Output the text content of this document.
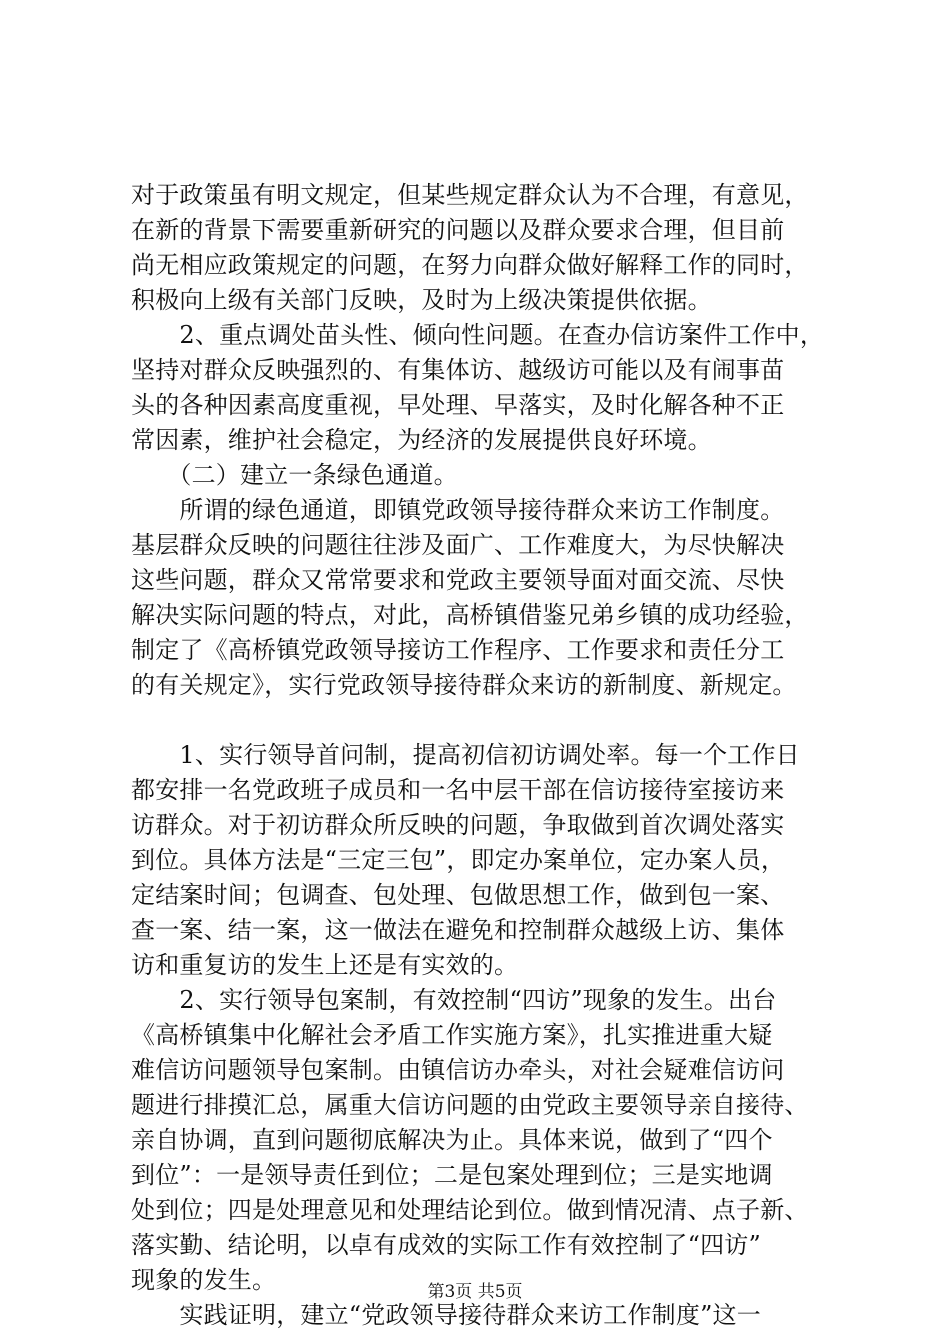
对于政策虽有明文规定，但某些规定群众认为不合理，有意见，
在新的背景下需要重新研究的问题以及群众要求合理，但目前
尚无相应政策规定的问题，在努力向群众做好解释工作的同时，
积极向上级有关部门反映，及时为上级决策提供依据。
　　2、重点调处苗头性、倾向性问题。在查办信访案件工作中，
坚持对群众反映强烈的、有集体访、越级访可能以及有闹事苗
头的各种因素高度重视，早处理、早落实，及时化解各种不正
常因素，维护社会稳定，为经济的发展提供良好环境。
　　（二）建立一条绿色通道。
　　所谓的绿色通道，即镇党政领导接待群众来访工作制度。
基层群众反映的问题往往涉及面广、工作难度大，为尽快解决
这些问题，群众又常常要求和党政主要领导面对面交流、尽快
解决实际问题的特点，对此，高桥镇借鉴兄弟乡镇的成功经验，
制定了《高桥镇党政领导接访工作程序、工作要求和责任分工
的有关规定》，实行党政领导接待群众来访的新制度、新规定。
　　1、实行领导首问制，提高初信初访调处率。每一个工作日
都安排一名党政班子成员和一名中层干部在信访接待室接访来
访群众。对于初访群众所反映的问题，争取做到首次调处落实
到位。具体方法是“三定三包”，即定办案单位，定办案人员，
定结案时间；包调查、包处理、包做思想工作，做到包一案、
查一案、结一案，这一做法在避免和控制群众越级上访、集体
访和重复访的发生上还是有实效的。
　　2、实行领导包案制，有效控制“四访”现象的发生。出台
《高桥镇集中化解社会矛盾工作实施方案》，扎实推进重大疑
难信访问题领导包案制。由镇信访办牵头，对社会疑难信访问
题进行排摸汇总，属重大信访问题的由党政主要领导亲自接待、
亲自协调，直到问题彻底解决为止。具体来说，做到了“四个
到位”：一是领导责任到位；二是包案处理到位；三是实地调
处到位；四是处理意见和处理结论到位。做到情况清、点子新、
落实勤、结论明，以卓有成效的实际工作有效控制了“四访”
现象的发生。
　　实践证明，建立“党政领导接待群众来访工作制度”这一
第3页 共5页
